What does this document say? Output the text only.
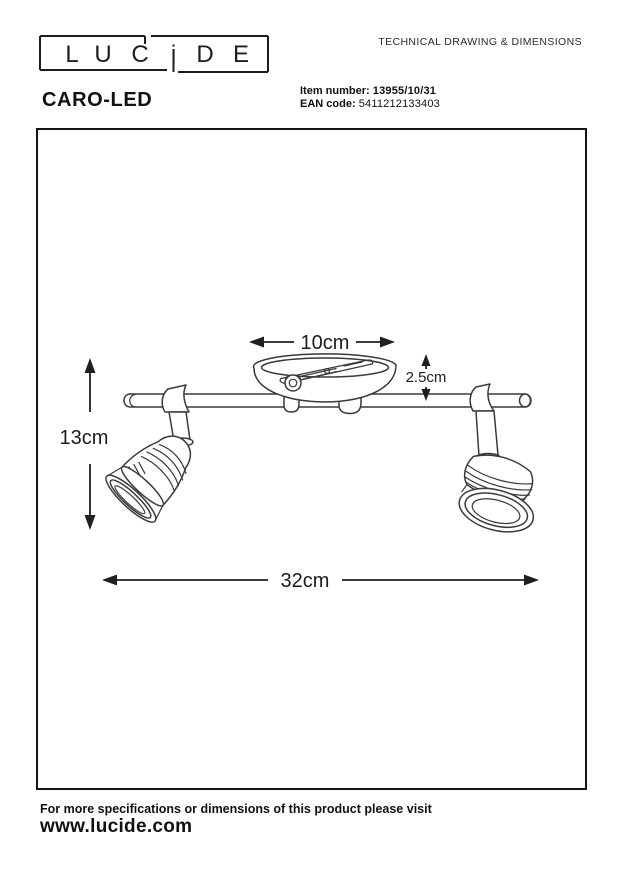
L U C i D E	TECHNICAL DRAWING & DIMENSIONS
CARO-LED	Item number: 13955/10/31
EAN code: 5411212133403
10cm
2.5cm
13cm
32cm
For more specifications or dimensions of this product please visit
www.lucide.com
